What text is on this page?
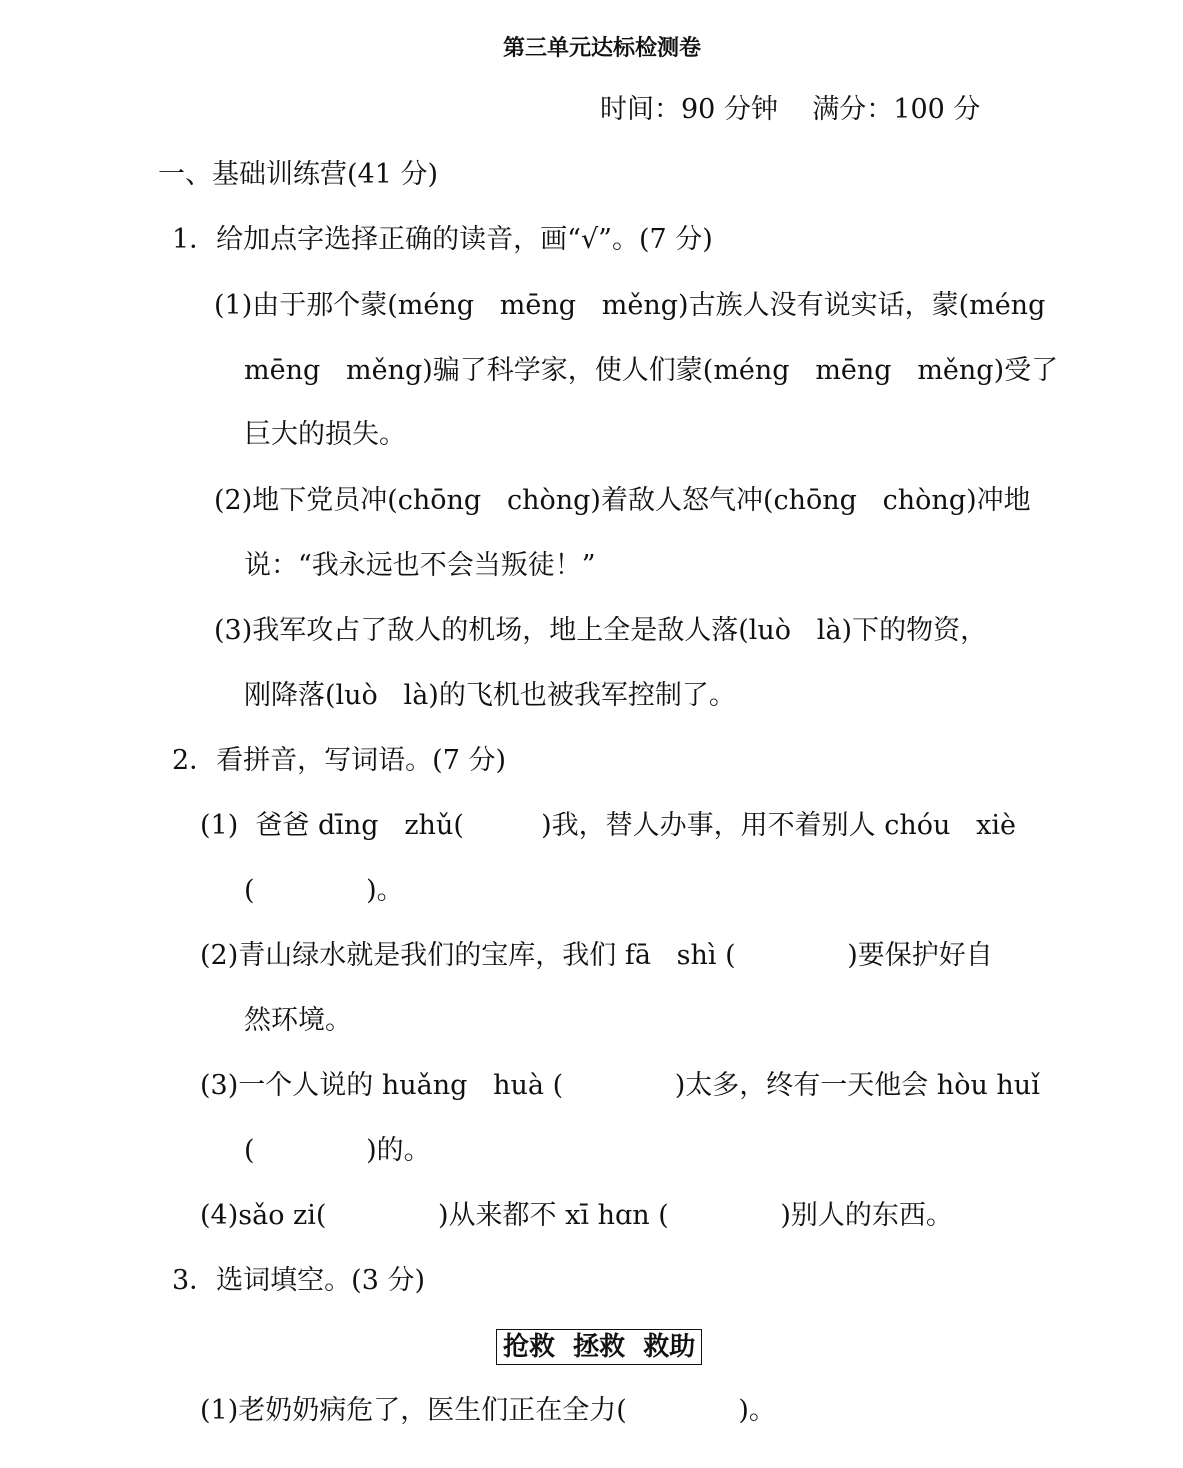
第三单元达标检测卷
时间：90 分钟    满分：100 分
一、基础训练营(41 分)
1．给加点字选择正确的读音，画“√”。(7 分)
(1)由于那个蒙(méng   mēng   měng)古族人没有说实话，蒙(méng
mēng   měng)骗了科学家，使人们蒙(méng   mēng   měng)受了
巨大的损失。
(2)地下党员冲(chōng   chòng)着敌人怒气冲(chōng   chòng)冲地
说：“我永远也不会当叛徒！”
(3)我军攻占了敌人的机场，地上全是敌人落(luò   là)下的物资，
刚降落(luò   là)的飞机也被我军控制了。
2．看拼音，写词语。(7 分)
(1)  爸爸 dīng   zhǔ(         )我，替人办事，用不着别人 chóu   xiè
(             )。
(2)青山绿水就是我们的宝库，我们 fā   shì (             )要保护好自
然环境。
(3)一个人说的 huǎng   huà (             )太多，终有一天他会 hòu huǐ
(             )的。
(4)sǎo zi(             )从来都不 xī hɑn (             )别人的东西。
3．选词填空。(3 分)
抢救  拯救  救助
(1)老奶奶病危了，医生们正在全力(             )。
